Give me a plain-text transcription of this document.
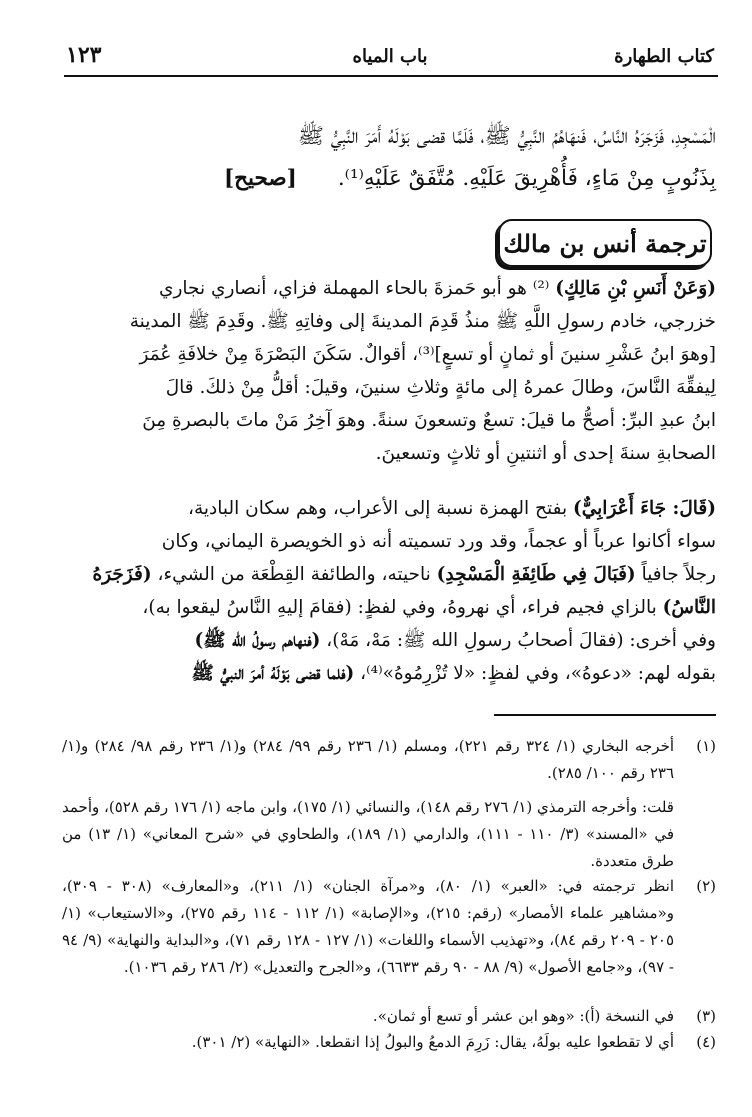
كتاب الطهارة
باب المياه
١٢٣
الْمَسْجِدِ، فَزَجَرَهُ النَّاسُ، فَنهَاهُمُ النَّبِيُّ ﷺ، فَلَمَّا قضى بَوْلَهُ أَمَرَ النَّبِيُّ ﷺ
بِذَنُوبٍ مِنْ مَاءٍ، فَأُهْرِيقَ عَلَيْهِ. مُتَّفَقٌ عَلَيْهِ⁽¹⁾.      [صحيح]
ترجمة أنس بن مالك
(وَعَنْ أَنَسِ بْنِ مَالِكٍ) ⁽²⁾ هو أبو حَمزةَ بالحاء المهملة فزاي، أنصاري نجاري
خزرجي، خادم رسولِ اللَّهِ ﷺ منذُ قَدِمَ المدينةَ إلى وفاتِهِ ﷺ. وقَدِمَ ﷺ المدينة
[وهوَ ابنُ عَشْرِ سنينَ أو ثمانٍ أو تسعٍ]⁽³⁾، أقوالٌ. سَكَنَ البَصْرَةَ مِنْ خلافَةِ عُمَرَ
لِيفقِّهَ النَّاسَ، وطالَ عمرهُ إلى مائةٍ وثلاثِ سنينَ، وقيلَ: أقلُّ مِنْ ذلكَ. قالَ
ابنُ عبدِ البرِّ: أصحُّ ما قيلَ: تسعٌ وتسعونَ سنةً. وهوَ آخِرُ مَنْ ماتَ بالبصرةِ مِنَ
الصحابةِ سنةَ إحدى أو اثنتينِ أو ثلاثٍ وتسعينَ.
(قَالَ: جَاءَ أَعْرَابِيٌّ) بفتح الهمزة نسبة إلى الأعراب، وهم سكان البادية،
سواء أكانوا عرباً أو عجماً، وقد ورد تسميته أنه ذو الخويصرة اليماني، وكان
رجلاً جافياً (فَبَالَ فِي طَائِفَةِ الْمَسْجِدِ) ناحيته، والطائفة القِطْعَة من الشيء، (فَزَجَرَهُ
النَّاسُ) بالزاي فجيم فراء، أي نهروهُ، وفي لفظٍ: (فقامَ إليهِ النَّاسُ ليقعوا به)،
وفي أخرى: (فقالَ أصحابُ رسولِ الله ﷺ: مَهْ، مَهْ)، (فنهاهم رسولُ الله ﷺ)
بقوله لهم: «دعوهُ»، وفي لفظٍ: «لا تُزْرِمُوهُ»⁽⁴⁾، (فلما قضى بَوْلَهُ أمرَ النبيُّ ﷺ
(١)
أخرجه البخاري (١/ ٣٢٤ رقم ٢٢١)، ومسلم (١/ ٢٣٦ رقم ٩٩/ ٢٨٤) و(١/ ٢٣٦ رقم ٩٨/ ٢٨٤) و(١/ ٢٣٦ رقم ١٠٠/ ٢٨٥).
قلت: وأخرجه الترمذي (١/ ٢٧٦ رقم ١٤٨)، والنسائي (١/ ١٧٥)، وابن ماجه (١/ ١٧٦ رقم ٥٢٨)، وأحمد في «المسند» (٣/ ١١٠ - ١١١)، والدارمي (١/ ١٨٩)، والطحاوي في «شرح المعاني» (١/ ١٣) من طرق متعددة.
(٢)
انظر ترجمته في: «العبر» (١/ ٨٠)، و«مرآة الجنان» (١/ ٢١١)، و«المعارف» (٣٠٨ - ٣٠٩)، و«مشاهير علماء الأمصار» (رقم: ٢١٥)، و«الإصابة» (١/ ١١٢ - ١١٤ رقم ٢٧٥)، و«الاستيعاب» (١/ ٢٠٥ - ٢٠٩ رقم ٨٤)، و«تهذيب الأسماء واللغات» (١/ ١٢٧ - ١٢٨ رقم ٧١)، و«البداية والنهاية» (٩/ ٩٤ - ٩٧)، و«جامع الأصول» (٩/ ٨٨ - ٩٠ رقم ٦٦٣٣)، و«الجرح والتعديل» (٢/ ٢٨٦ رقم ١٠٣٦).
(٣)
في النسخة (أ): «وهو ابن عشر أو تسع أو ثمان».
(٤)
أي لا تقطعوا عليه بولَهُ، يقال: زَرِمَ الدمعُ والبولُ إذا انقطعا. «النهاية» (٢/ ٣٠١).
